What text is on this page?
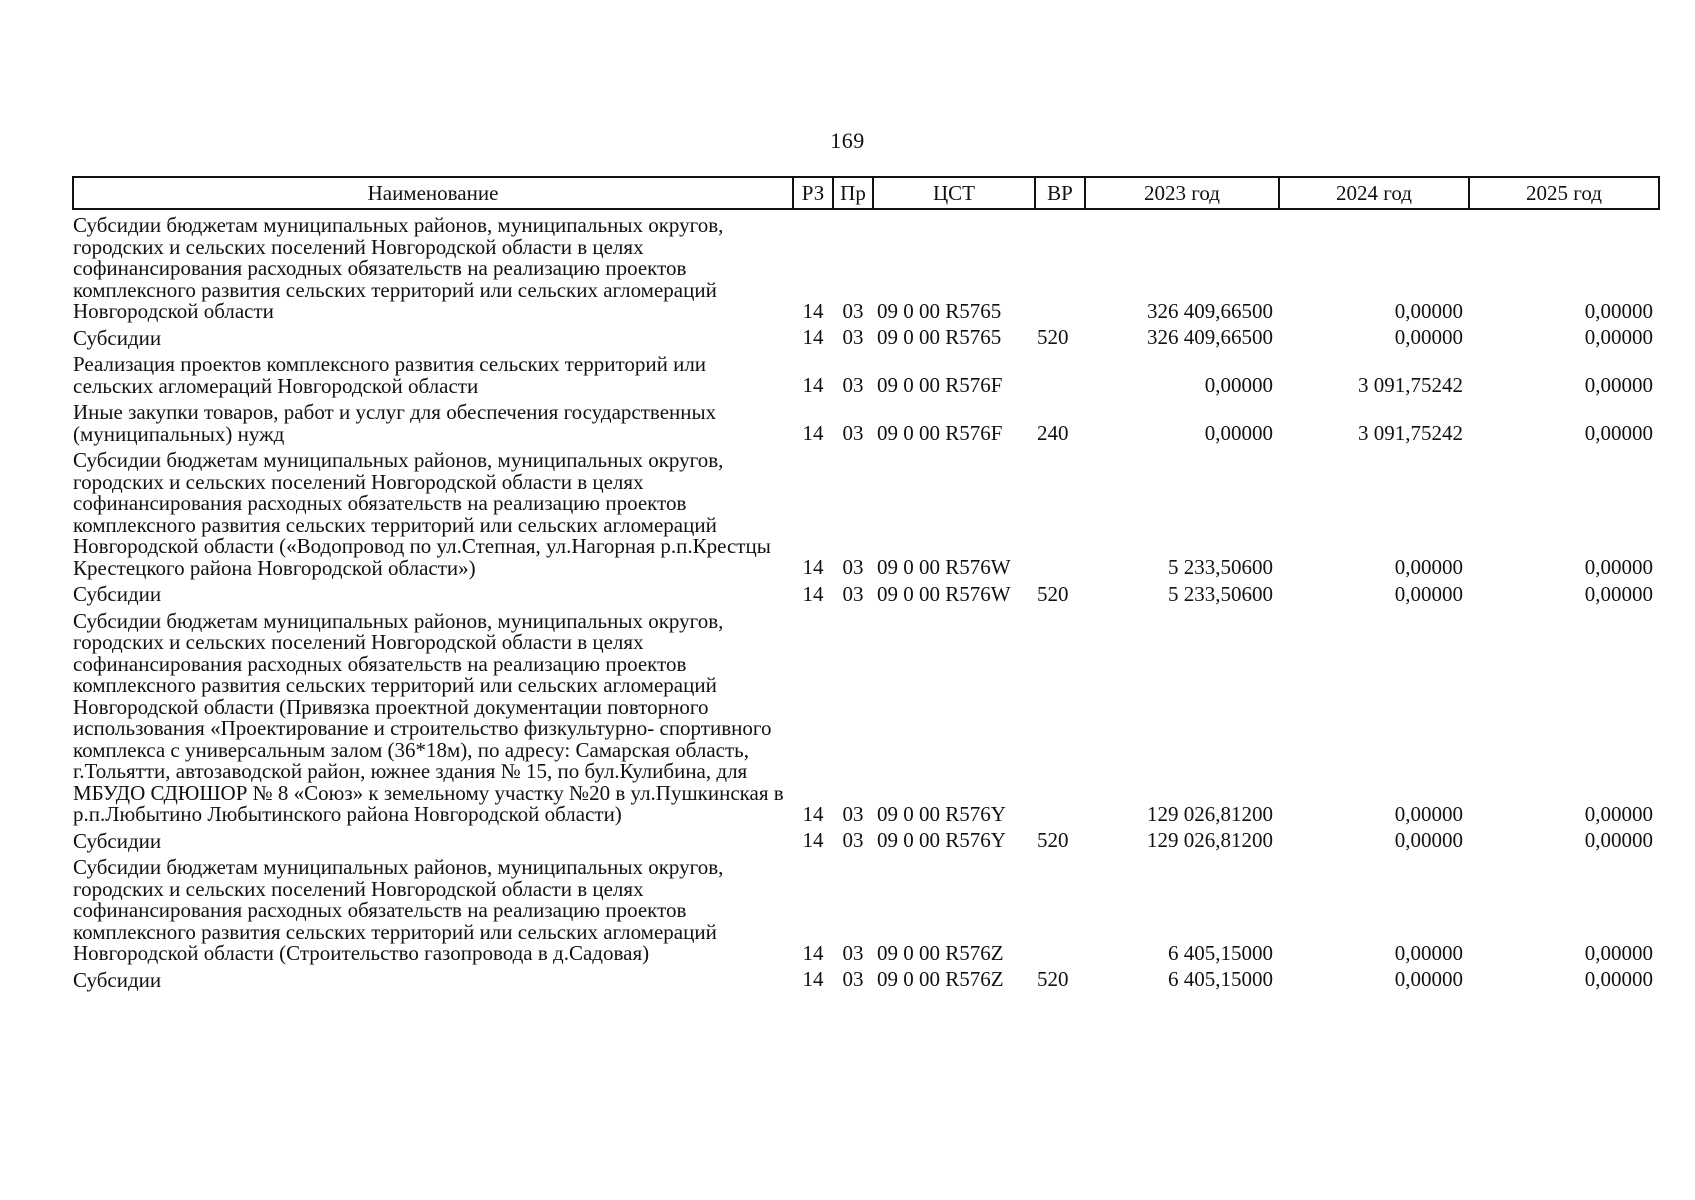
169
Наименование	РЗ	Пр	ЦСТ	ВР	2023 год	2024 год	2025 год
Субсидии бюджетам муниципальных районов, муниципальных округов, городских и сельских поселений Новгородской области в целях софинансирования расходных обязательств на реализацию проектов комплексного развития сельских территорий или сельских агломераций Новгородской области	14	03	09 0 00 R5765		326 409,66500	0,00000	0,00000
Субсидии	14	03	09 0 00 R5765	520	326 409,66500	0,00000	0,00000
Реализация проектов комплексного развития сельских территорий или сельских агломераций Новгородской области	14	03	09 0 00 R576F		0,00000	3 091,75242	0,00000
Иные закупки товаров, работ и услуг для обеспечения государственных (муниципальных) нужд	14	03	09 0 00 R576F	240	0,00000	3 091,75242	0,00000
Субсидии бюджетам муниципальных районов, муниципальных округов, городских и сельских поселений Новгородской области в целях софинансирования расходных обязательств на реализацию проектов комплексного развития сельских территорий или сельских агломераций Новгородской области («Водопровод по ул.Степная, ул.Нагорная р.п.Крестцы Крестецкого района Новгородской области»)	14	03	09 0 00 R576W		5 233,50600	0,00000	0,00000
Субсидии	14	03	09 0 00 R576W	520	5 233,50600	0,00000	0,00000
Субсидии бюджетам муниципальных районов, муниципальных округов, городских и сельских поселений Новгородской области в целях софинансирования расходных обязательств на реализацию проектов комплексного развития сельских территорий или сельских агломераций Новгородской области (Привязка проектной документации повторного использования «Проектирование и строительство физкультурно- спортивного комплекса с универсальным залом (36*18м), по адресу: Самарская область, г.Тольятти, автозаводской район, южнее здания № 15, по бул.Кулибина, для МБУДО СДЮШОР № 8 «Союз» к земельному участку №20 в ул.Пушкинская в р.п.Любытино Любытинского района Новгородской области)	14	03	09 0 00 R576Y		129 026,81200	0,00000	0,00000
Субсидии	14	03	09 0 00 R576Y	520	129 026,81200	0,00000	0,00000
Субсидии бюджетам муниципальных районов, муниципальных округов, городских и сельских поселений Новгородской области в целях софинансирования расходных обязательств на реализацию проектов комплексного развития сельских территорий или сельских агломераций Новгородской области (Строительство газопровода в д.Садовая)	14	03	09 0 00 R576Z		6 405,15000	0,00000	0,00000
Субсидии	14	03	09 0 00 R576Z	520	6 405,15000	0,00000	0,00000
